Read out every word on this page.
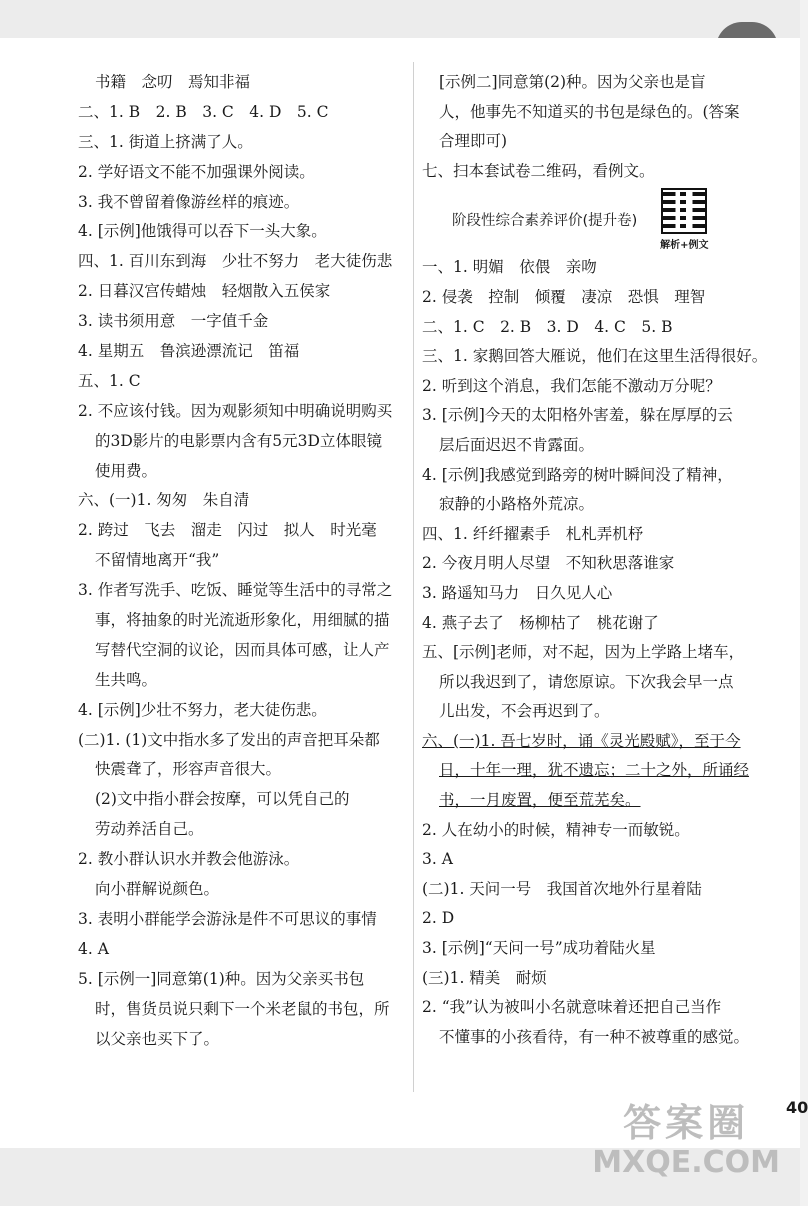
书籍　念叨　焉知非福
二、1. B　2. B　3. C　4. D　5. C
三、1. 街道上挤满了人。
2. 学好语文不能不加强课外阅读。
3. 我不曾留着像游丝样的痕迹。
4. [示例]他饿得可以吞下一头大象。
四、1. 百川东到海　少壮不努力　老大徒伤悲
2. 日暮汉宫传蜡烛　轻烟散入五侯家
3. 读书须用意　一字值千金
4. 星期五　鲁滨逊漂流记　笛福
五、1. C
2. 不应该付钱。因为观影须知中明确说明购买
的3D影片的电影票内含有5元3D立体眼镜
使用费。
六、(一)1. 匆匆　朱自清
2. 跨过　飞去　溜走　闪过　拟人　时光毫
不留情地离开“我”
3. 作者写洗手、吃饭、睡觉等生活中的寻常之
事，将抽象的时光流逝形象化，用细腻的描
写替代空洞的议论，因而具体可感，让人产
生共鸣。
4. [示例]少壮不努力，老大徒伤悲。
(二)1. (1)文中指水多了发出的声音把耳朵都
快震聋了，形容声音很大。
(2)文中指小群会按摩，可以凭自己的
劳动养活自己。
2. 教小群认识水并教会他游泳。
向小群解说颜色。
3. 表明小群能学会游泳是件不可思议的事情
4. A
5. [示例一]同意第(1)种。因为父亲买书包
时，售货员说只剩下一个米老鼠的书包，所
以父亲也买下了。
[示例二]同意第(2)种。因为父亲也是盲
人，他事先不知道买的书包是绿色的。(答案
合理即可)
七、扫本套试卷二维码，看例文。
阶段性综合素养评价(提升卷)
解析+例文
一、1. 明媚　依偎　亲吻
2. 侵袭　控制　倾覆　凄凉　恐惧　理智
二、1. C　2. B　3. D　4. C　5. B
三、1. 家鹅回答大雁说，他们在这里生活得很好。
2. 听到这个消息，我们怎能不激动万分呢？
3. [示例]今天的太阳格外害羞，躲在厚厚的云
层后面迟迟不肯露面。
4. [示例]我感觉到路旁的树叶瞬间没了精神，
寂静的小路格外荒凉。
四、1. 纤纤擢素手　札札弄机杼
2. 今夜月明人尽望　不知秋思落谁家
3. 路遥知马力　日久见人心
4. 燕子去了　杨柳枯了　桃花谢了
五、[示例]老师，对不起，因为上学路上堵车，
所以我迟到了，请您原谅。下次我会早一点
儿出发，不会再迟到了。
六、(一)1. 吾七岁时，诵《灵光殿赋》，至于今
日，十年一理，犹不遗忘；二十之外，所诵经
书，一月废置，便至荒芜矣。
2. 人在幼小的时候，精神专一而敏锐。
3. A
(二)1. 天问一号　我国首次地外行星着陆
2. D
3. [示例]“天问一号”成功着陆火星
(三)1. 精美　耐烦
2. “我”认为被叫小名就意味着还把自己当作
不懂事的小孩看待，有一种不被尊重的感觉。
40
答案圈
MXQE.COM
